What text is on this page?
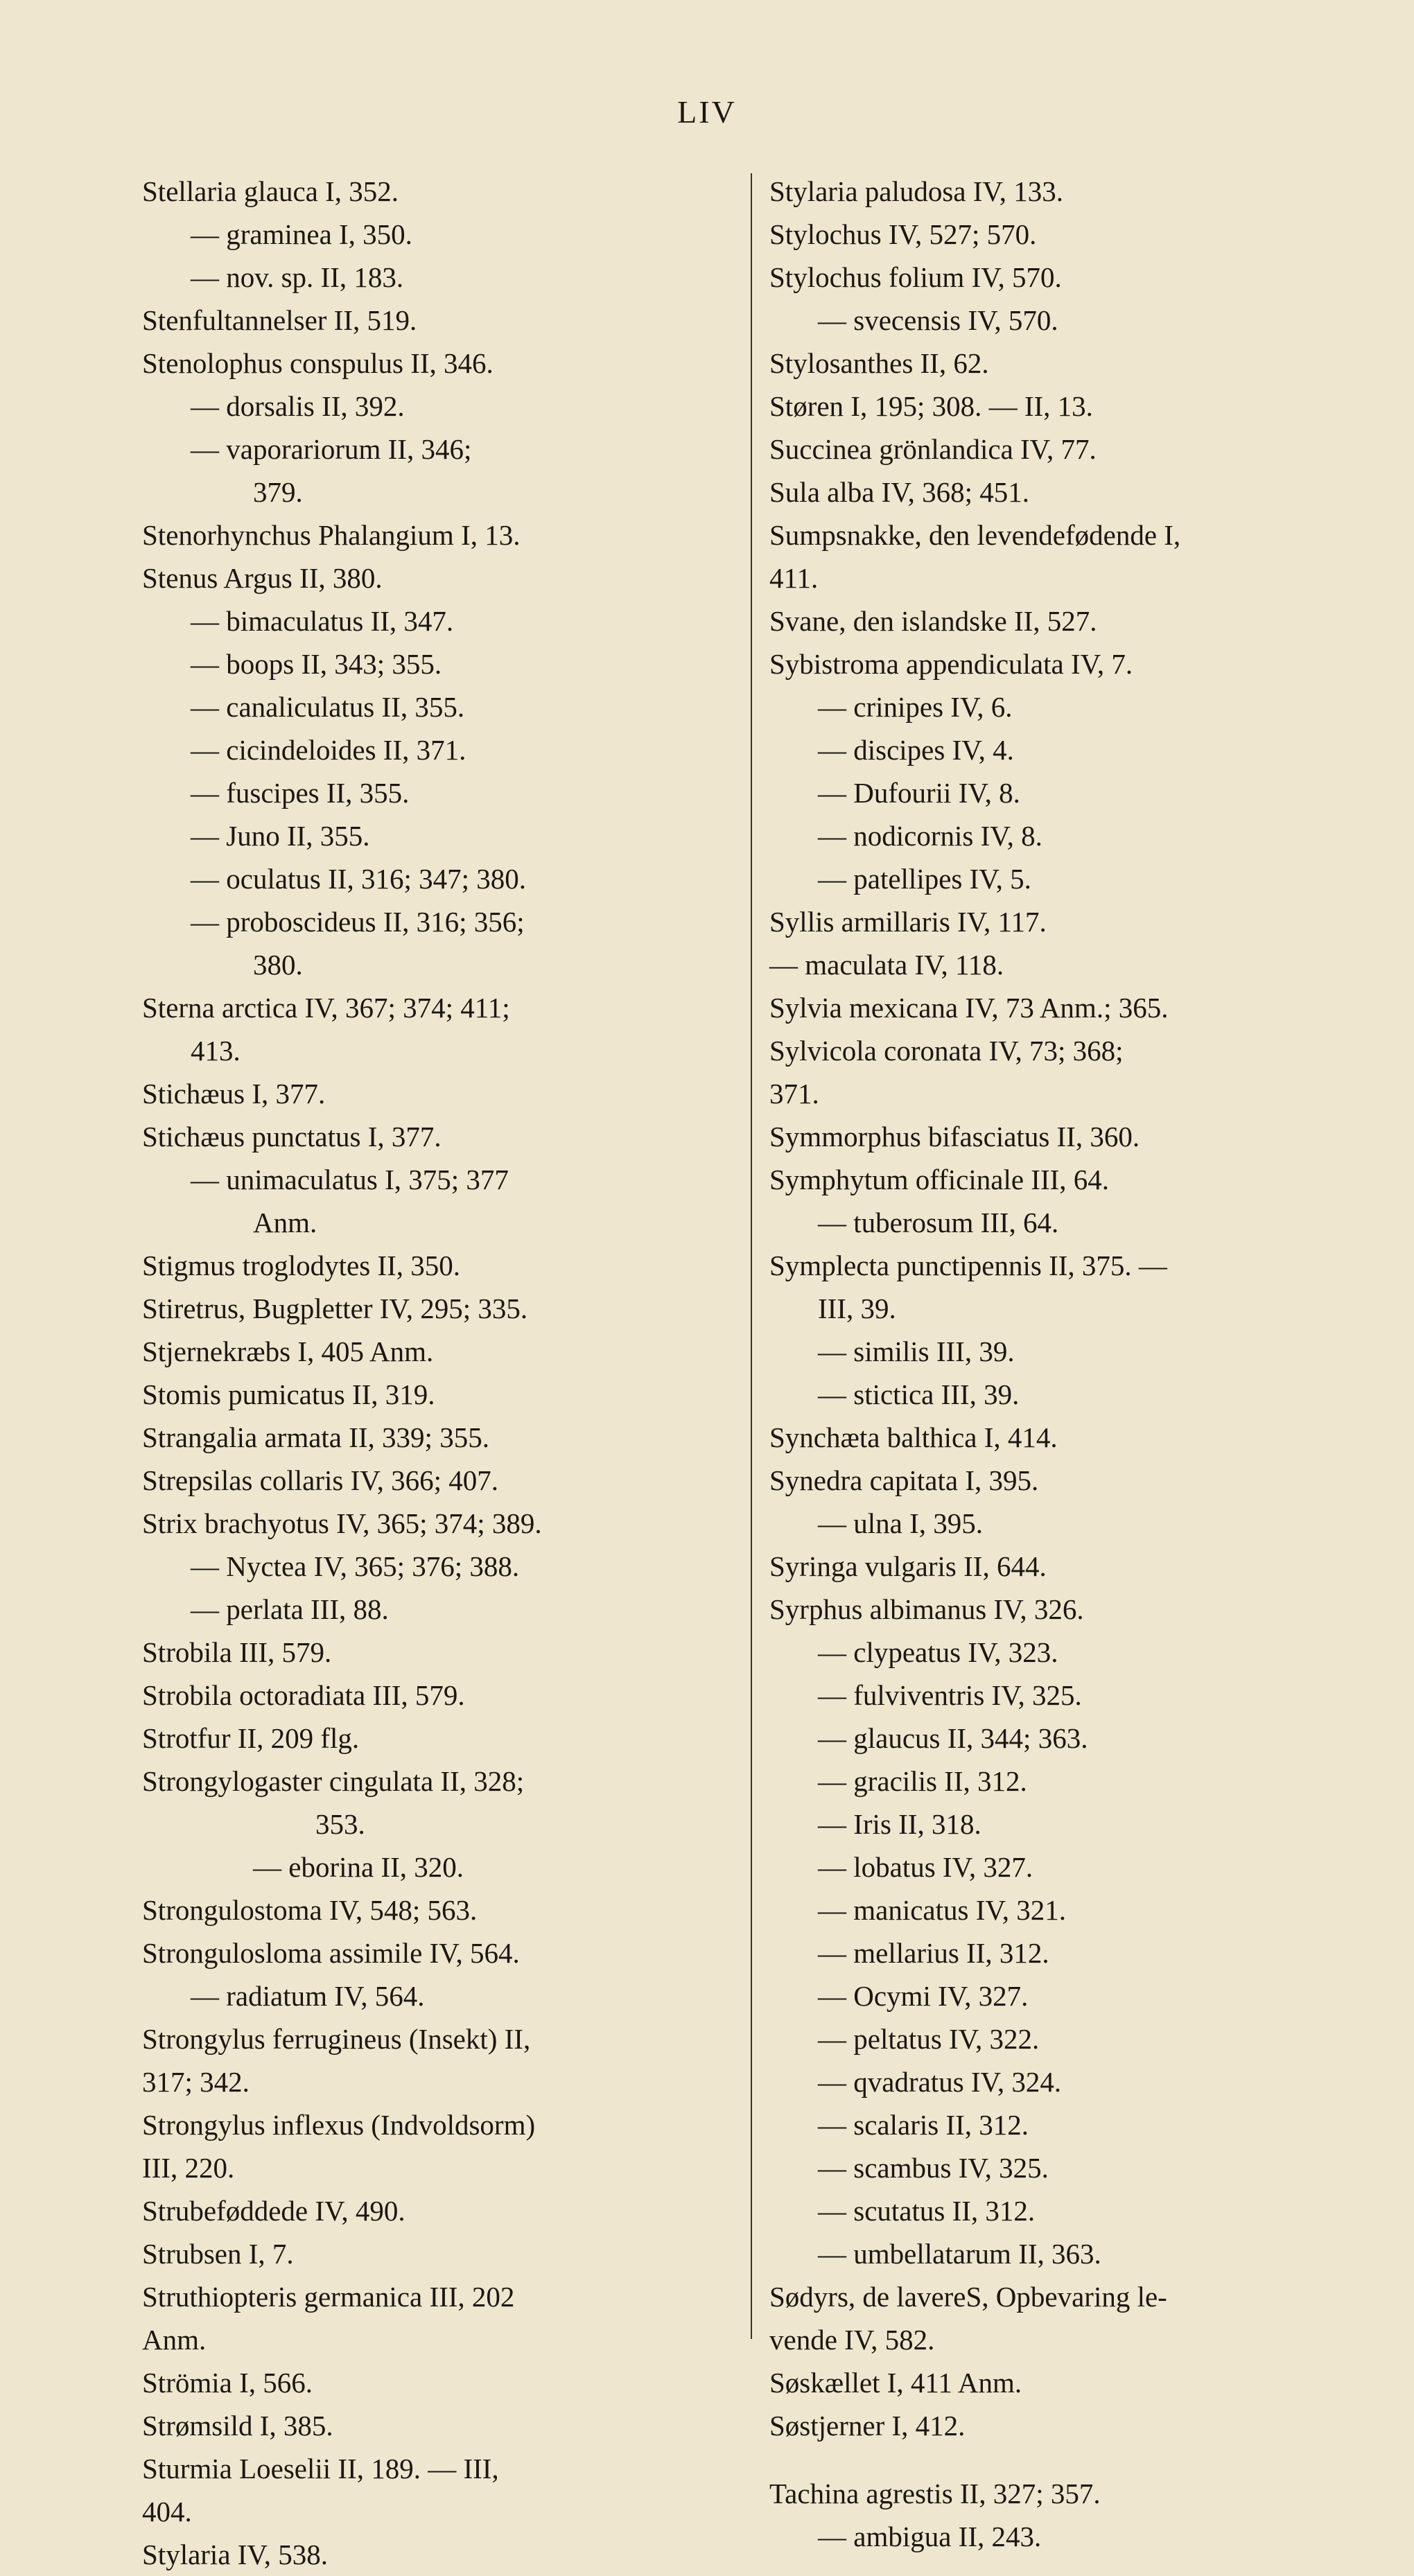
LIV
Stellaria glauca I, 352.
— graminea I, 350.
— nov. sp. II, 183.
Stenfultannelser II, 519.
Stenolophus conspulus II, 346.
— dorsalis II, 392.
— vaporariorum II, 346;
379.
Stenorhynchus Phalangium I, 13.
Stenus Argus II, 380.
— bimaculatus II, 347.
— boops II, 343; 355.
— canaliculatus II, 355.
— cicindeloides II, 371.
— fuscipes II, 355.
— Juno II, 355.
— oculatus II, 316; 347; 380.
— proboscideus II, 316; 356;
380.
Sterna arctica IV, 367; 374; 411;
413.
Stichæus I, 377.
Stichæus punctatus I, 377.
— unimaculatus I, 375; 377
Anm.
Stigmus troglodytes II, 350.
Stiretrus, Bugpletter IV, 295; 335.
Stjernekræbs I, 405 Anm.
Stomis pumicatus II, 319.
Strangalia armata II, 339; 355.
Strepsilas collaris IV, 366; 407.
Strix brachyotus IV, 365; 374; 389.
— Nyctea IV, 365; 376; 388.
— perlata III, 88.
Strobila III, 579.
Strobila octoradiata III, 579.
Strotfur II, 209 flg.
Strongylogaster cingulata II, 328;
353.
— eborina II, 320.
Strongulostoma IV, 548; 563.
Stronguloslomа assimile IV, 564.
— radiatum IV, 564.
Strongylus ferrugineus (Insekt) II,
317; 342.
Strongylus inflexus (Indvoldsorm)
III, 220.
Strubeføddede IV, 490.
Strubsen I, 7.
Struthiopteris germanica III, 202
Anm.
Strömia I, 566.
Strømsild I, 385.
Sturmia Loeselii II, 189. — III,
404.
Stylaria IV, 538.
Stylaria paludosa IV, 133.
Stylochus IV, 527; 570.
Stylochus folium IV, 570.
— svecensis IV, 570.
Stylosanthes II, 62.
Støren I, 195; 308. — II, 13.
Succinea grönlandica IV, 77.
Sula alba IV, 368; 451.
Sumpsnakke, den levendefødende I,
411.
Svane, den islandske II, 527.
Sybistroma appendiculata IV, 7.
— crinipes IV, 6.
— discipes IV, 4.
— Dufourii IV, 8.
— nodicornis IV, 8.
— patellipes IV, 5.
Syllis armillaris IV, 117.
— maculata IV, 118.
Sylvia mexicana IV, 73 Anm.; 365.
Sylvicola coronata IV, 73; 368;
371.
Symmorphus bifasciatus II, 360.
Symphytum officinale III, 64.
— tuberosum III, 64.
Symplecta punctipennis II, 375. —
III, 39.
— similis III, 39.
— stictica III, 39.
Synchæta balthica I, 414.
Synedra capitata I, 395.
— ulna I, 395.
Syringa vulgaris II, 644.
Syrphus albimanus IV, 326.
— clypeatus IV, 323.
— fulviventris IV, 325.
— glaucus II, 344; 363.
— gracilis II, 312.
— Iris II, 318.
— lobatus IV, 327.
— manicatus IV, 321.
— mellarius II, 312.
— Ocymi IV, 327.
— peltatus IV, 322.
— qvadratus IV, 324.
— scalaris II, 312.
— scambus IV, 325.
— scutatus II, 312.
— umbellatarum II, 363.
Sødyrs, de lavereS, Opbevaring le-
vende IV, 582.
Søskællet I, 411 Anm.
Søstjerner I, 412.
Tachina agrestis II, 327; 357.
— ambigua II, 243.
